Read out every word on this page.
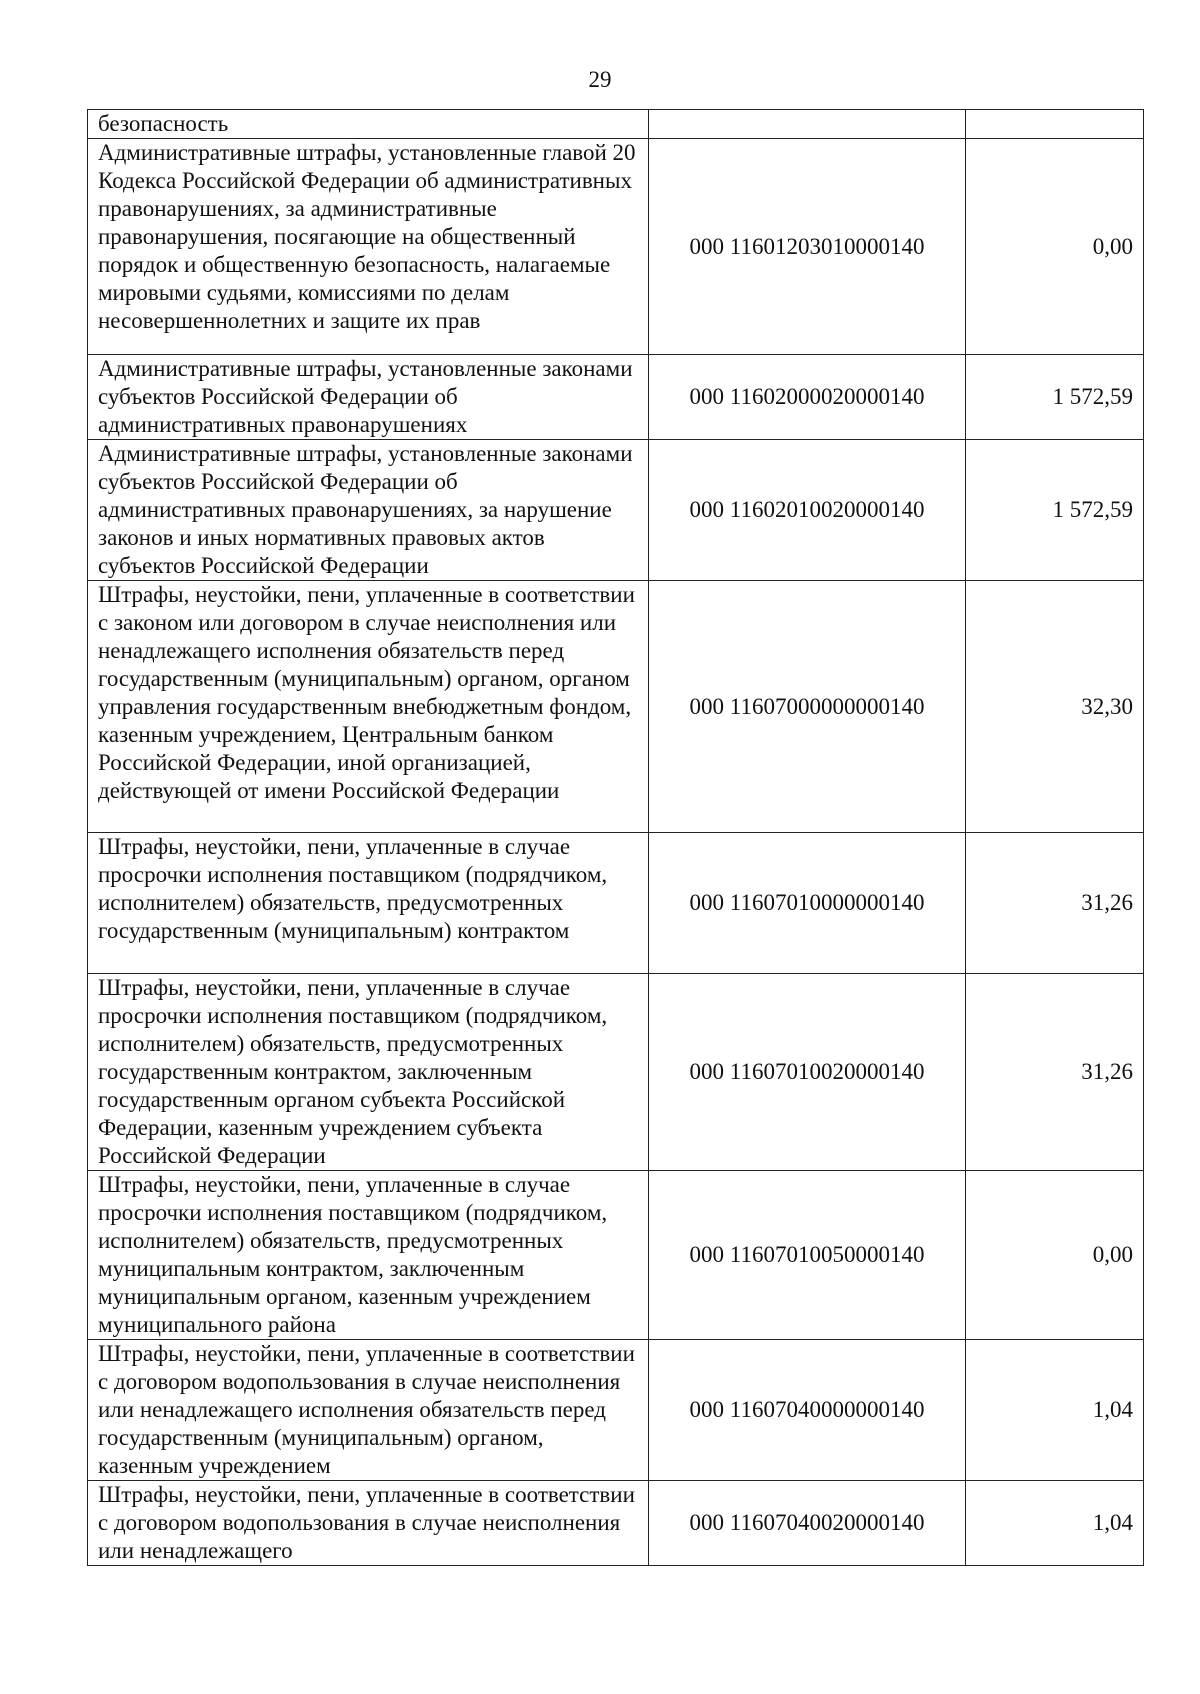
29
безопасность		
Административные штрафы, установленные главой 20 Кодекса Российской Федерации об административных правонарушениях, за административные правонарушения, посягающие на общественный порядок и общественную безопасность, налагаемые мировыми судьями, комиссиями по делам несовершеннолетних и защите их прав	000 11601203010000140	0,00
Административные штрафы, установленные законами субъектов Российской Федерации об административных правонарушениях	000 11602000020000140	1 572,59
Административные штрафы, установленные законами субъектов Российской Федерации об административных правонарушениях, за нарушение законов и иных нормативных правовых актов субъектов Российской Федерации	000 11602010020000140	1 572,59
Штрафы, неустойки, пени, уплаченные в соответствии с законом или договором в случае неисполнения или ненадлежащего исполнения обязательств перед государственным (муниципальным) органом, органом управления государственным внебюджетным фондом, казенным учреждением, Центральным банком Российской Федерации, иной организацией, действующей от имени Российской Федерации	000 11607000000000140	32,30
Штрафы, неустойки, пени, уплаченные в случае просрочки исполнения поставщиком (подрядчиком, исполнителем) обязательств, предусмотренных государственным (муниципальным) контрактом	000 11607010000000140	31,26
Штрафы, неустойки, пени, уплаченные в случае просрочки исполнения поставщиком (подрядчиком, исполнителем) обязательств, предусмотренных государственным контрактом, заключенным государственным органом субъекта Российской Федерации, казенным учреждением субъекта Российской Федерации	000 11607010020000140	31,26
Штрафы, неустойки, пени, уплаченные в случае просрочки исполнения поставщиком (подрядчиком, исполнителем) обязательств, предусмотренных муниципальным контрактом, заключенным муниципальным органом, казенным учреждением муниципального района	000 11607010050000140	0,00
Штрафы, неустойки, пени, уплаченные в соответствии с договором водопользования в случае неисполнения или ненадлежащего исполнения обязательств перед государственным (муниципальным) органом, казенным учреждением	000 11607040000000140	1,04
Штрафы, неустойки, пени, уплаченные в соответствии с договором водопользования в случае неисполнения или ненадлежащего	000 11607040020000140	1,04
